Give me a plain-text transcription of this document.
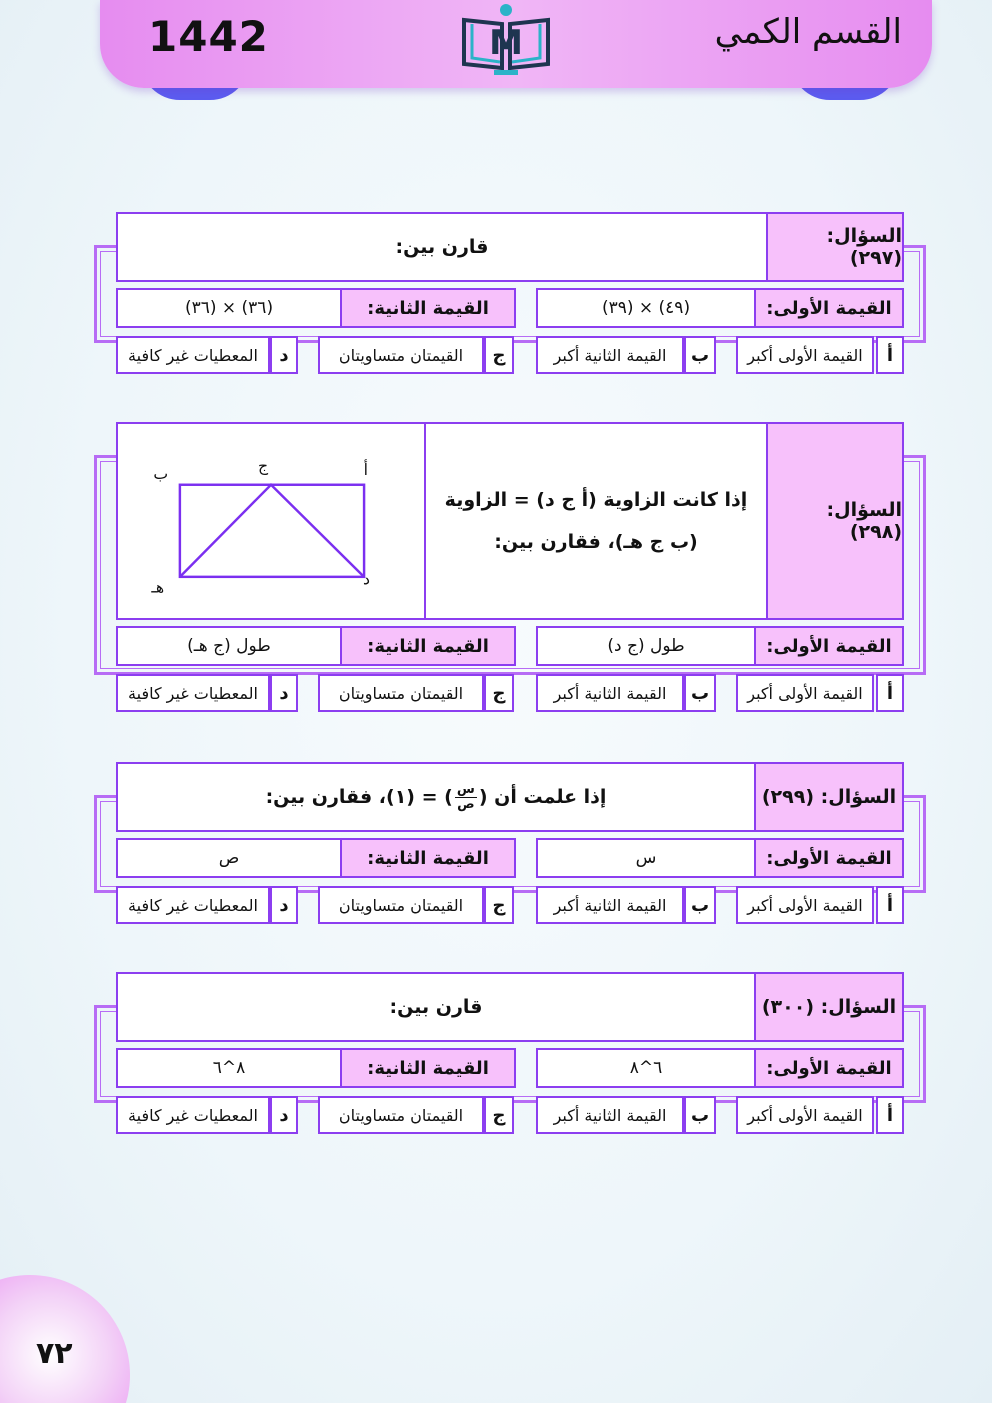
1442	M	القسم الكمي
السؤال: (٢٩٧)
قارن بين:
القيمة الأولى:
(٤٩) × (٣٩)
القيمة الثانية:
(٣٦) × (٣٦)
أ
القيمة الأولى أكبر
ب
القيمة الثانية أكبر
ج
القيمتان متساويتان
د
المعطيات غير كافية
السؤال: (٢٩٨)
إذا كانت الزاوية (أ ج د) = الزاوية (ب ج هـ)، فقارن بين:
أ
ب	ج
د
هـ
القيمة الأولى:
طول (ج د)
القيمة الثانية:
طول (ج هـ)
أ
القيمة الأولى أكبر
ب
القيمة الثانية أكبر
ج
القيمتان متساويتان
د
المعطيات غير كافية
السؤال: (٢٩٩)
إذا علمت أن (
$\frac{\text{س}}{\text{ص}}$
) = (١)، فقارن بين:
القيمة الأولى:
س
القيمة الثانية:
ص
أ
القيمة الأولى أكبر
ب
القيمة الثانية أكبر
ج
القيمتان متساويتان
د
المعطيات غير كافية
السؤال: (٣٠٠)
قارن بين:
القيمة الأولى:
٦^٨
القيمة الثانية:
٨^٦
أ
القيمة الأولى أكبر
ب
القيمة الثانية أكبر
ج
القيمتان متساويتان
د
المعطيات غير كافية
٧٢
